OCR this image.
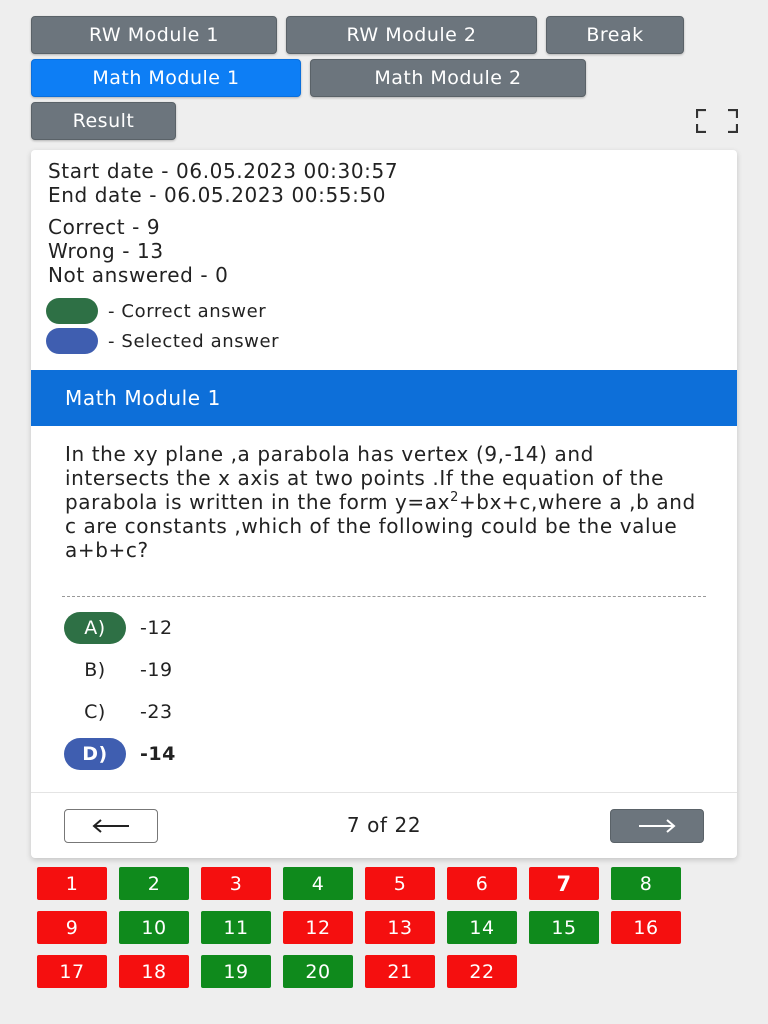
RW Module 1	RW Module 2	Break
Math Module 1	Math Module 2
Result
Start date - 06.05.2023 00:30:57
End date - 06.05.2023 00:55:50
Correct - 9
Wrong - 13
Not answered - 0
- Correct answer
- Selected answer
Math Module 1
In the xy plane ,a parabola has vertex (9,-14) and intersects the x axis at two points .If the equation of the parabola is written in the form $y=ax^2+bx+c,where$ a ,b and c are constants ,which of the following could be the value a+b+c?
A)	-12
B)	-19
C)	-23
D)	-14
7 of 22
1	2	3	4	5	6	7	8
9	10	11	12	13	14	15	16
17	18	19	20	21	22
